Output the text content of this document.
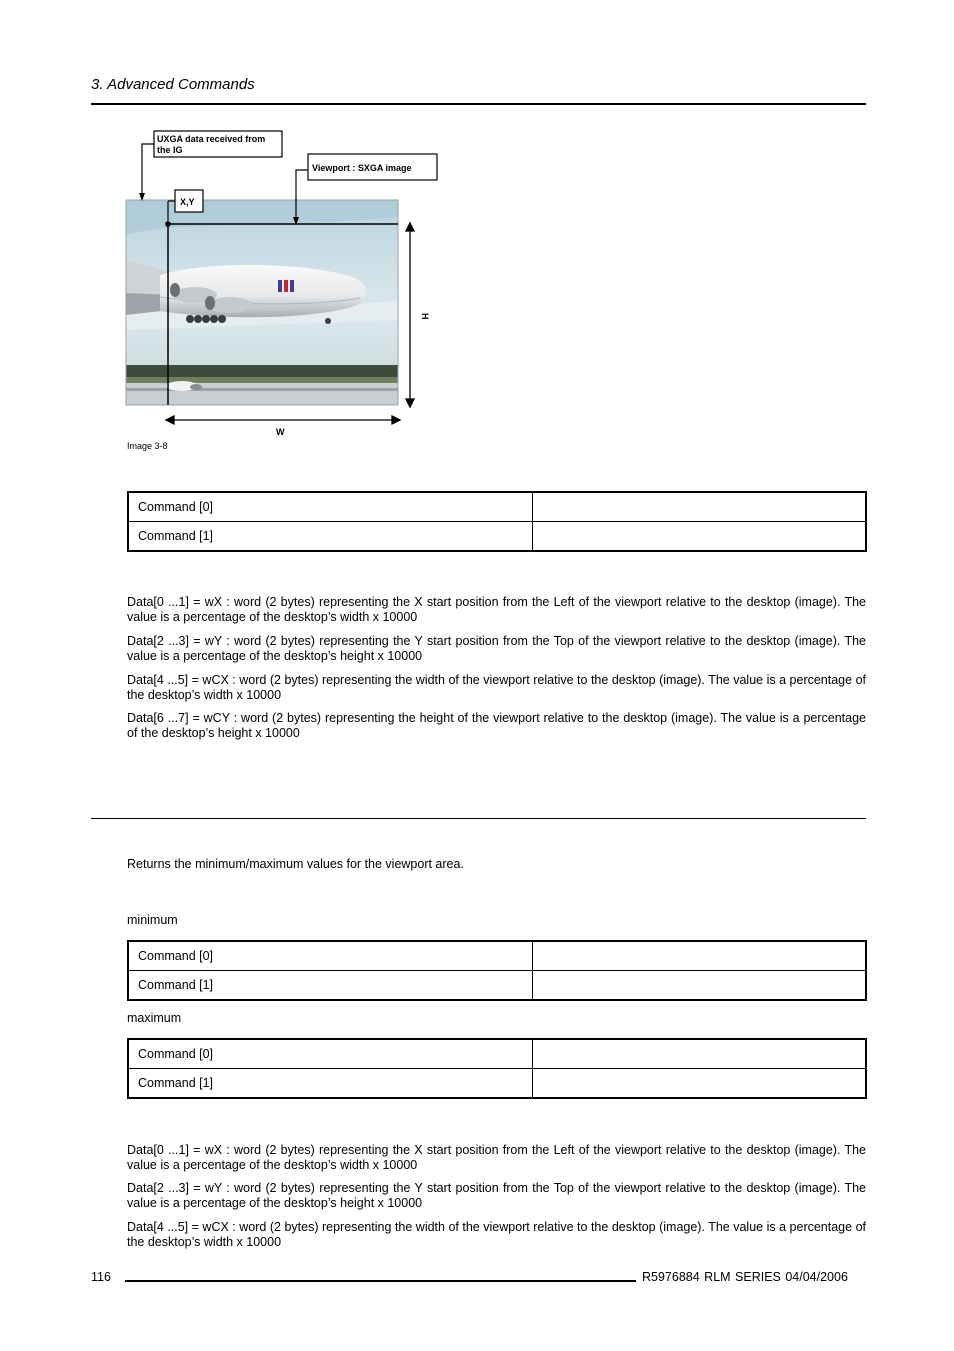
3. Advanced Commands
UXGA data received from
the IG
Viewport : SXGA image
X,Y
H
W
Image 3-8
Command [0]	
Command [1]	
Data[0 ...1] = wX : word (2 bytes) representing the X start position from the Left of the viewport relative to the desktop (image). The value is a percentage of the desktop’s width x 10000
Data[2 ...3] = wY : word (2 bytes) representing the Y start position from the Top of the viewport relative to the desktop (image). The value is a percentage of the desktop’s height x 10000
Data[4 ...5] = wCX : word (2 bytes) representing the width of the viewport relative to the desktop (image). The value is a percentage of the desktop’s width x 10000
Data[6 ...7] = wCY : word (2 bytes) representing the height of the viewport relative to the desktop (image). The value is a percentage of the desktop’s height x 10000
Returns the minimum/maximum values for the viewport area.
minimum
Command [0]	
Command [1]	
maximum
Command [0]	
Command [1]	
Data[0 ...1] = wX : word (2 bytes) representing the X start position from the Left of the viewport relative to the desktop (image). The value is a percentage of the desktop’s width x 10000
Data[2 ...3] = wY : word (2 bytes) representing the Y start position from the Top of the viewport relative to the desktop (image). The value is a percentage of the desktop’s height x 10000
Data[4 ...5] = wCX : word (2 bytes) representing the width of the viewport relative to the desktop (image). The value is a percentage of the desktop’s width x 10000
116	R5976884 RLM SERIES 04/04/2006
